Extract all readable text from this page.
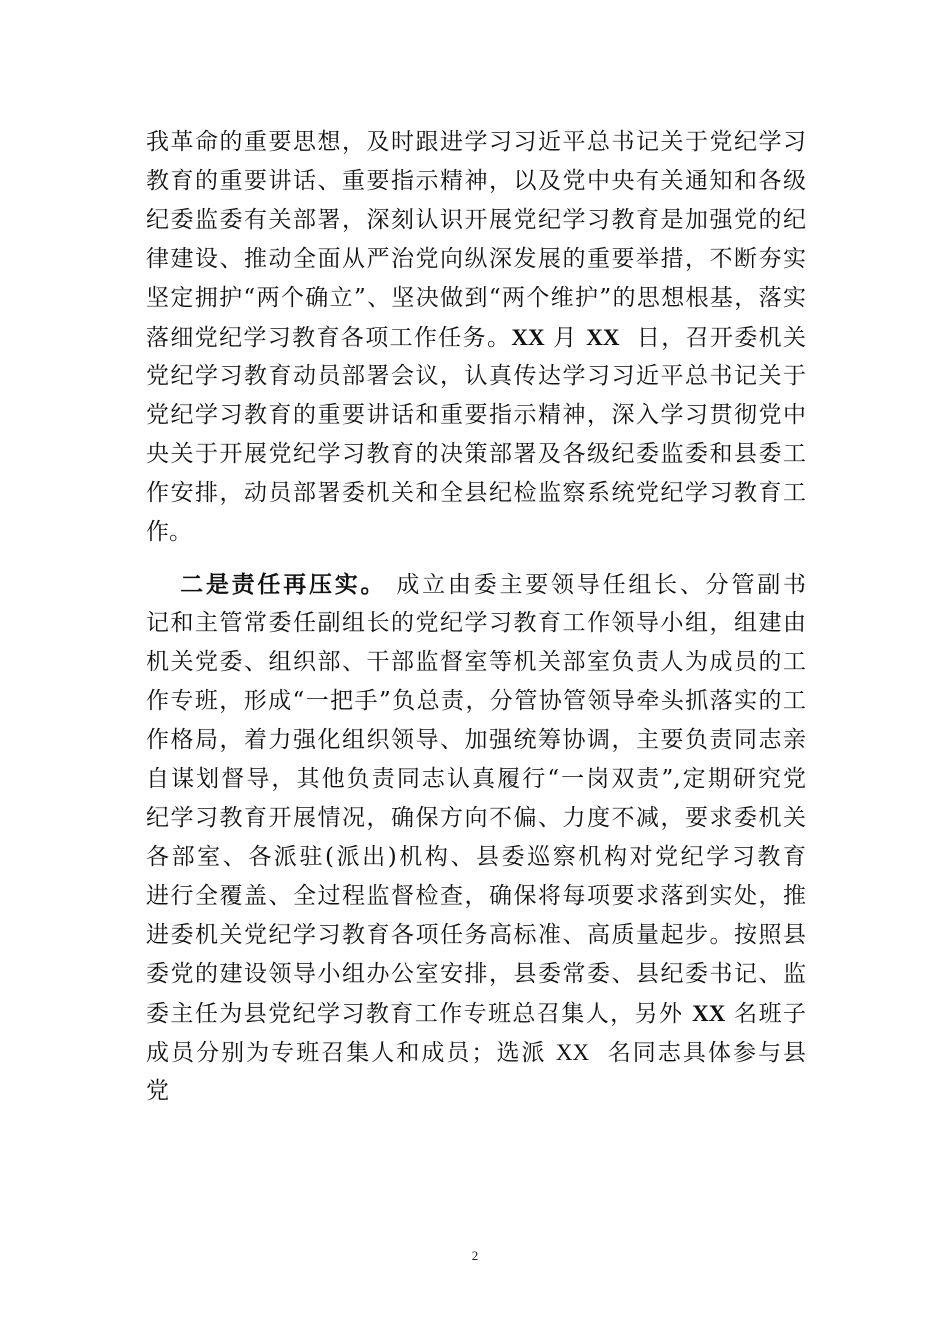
我革命的重要思想，及时跟进学习习近平总书记关于党纪学习
教育的重要讲话、重要指示精神，以及党中央有关通知和各级
纪委监委有关部署，深刻认识开展党纪学习教育是加强党的纪
律建设、推动全面从严治党向纵深发展的重要举措，不断夯实
坚定拥护“两个确立”、坚决做到“两个维护”的思想根基，落实
落细党纪学习教育各项工作任务。XX 月 XX  日，召开委机关
党纪学习教育动员部署会议，认真传达学习习近平总书记关于
党纪学习教育的重要讲话和重要指示精神，深入学习贯彻党中
央关于开展党纪学习教育的决策部署及各级纪委监委和县委工
作安排，动员部署委机关和全县纪检监察系统党纪学习教育工
作。
二是责任再压实。 成立由委主要领导任组长、分管副书
记和主管常委任副组长的党纪学习教育工作领导小组，组建由
机关党委、组织部、干部监督室等机关部室负责人为成员的工
作专班，形成“一把手”负总责，分管协管领导牵头抓落实的工
作格局，着力强化组织领导、加强统筹协调，主要负责同志亲
自谋划督导，其他负责同志认真履行“一岗双责”,定期研究党
纪学习教育开展情况，确保方向不偏、力度不减，要求委机关
各部室、各派驻(派出)机构、县委巡察机构对党纪学习教育
进行全覆盖、全过程监督检查，确保将每项要求落到实处，推
进委机关党纪学习教育各项任务高标准、高质量起步。按照县
委党的建设领导小组办公室安排，县委常委、县纪委书记、监
委主任为县党纪学习教育工作专班总召集人，另外 XX 名班子
成员分别为专班召集人和成员；选派 XX  名同志具体参与县
党
2
